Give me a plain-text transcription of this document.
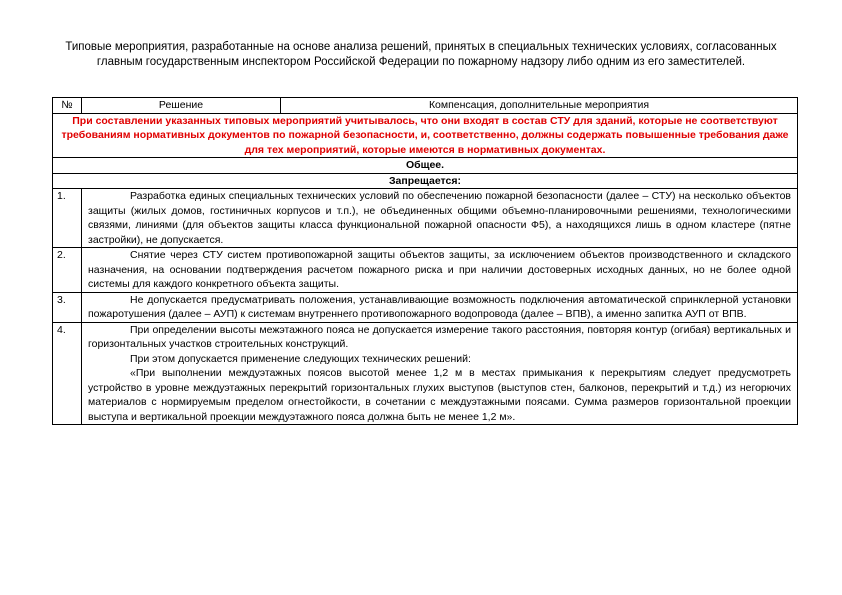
Типовые мероприятия, разработанные на основе анализа решений, принятых в специальных технических условиях, согласованных главным государственным инспектором Российской Федерации по пожарному надзору либо одним из его заместителей.
№	Решение	Компенсация, дополнительные мероприятия
При составлении указанных типовых мероприятий учитывалось, что они входят в состав СТУ для зданий, которые не соответствуют требованиям нормативных документов по пожарной безопасности, и, соответственно, должны содержать повышенные требования даже для тех мероприятий, которые имеются в нормативных документах.		
Общее.		
Запрещается:		
1.	Разработка единых специальных технических условий по обеспечению пожарной безопасности (далее – СТУ) на несколько объектов защиты (жилых домов, гостиничных корпусов и т.п.), не объединенных общими объемно-планировочными решениями, технологическими связями, линиями (для объектов защиты класса функциональной пожарной опасности Ф5), а находящихся лишь в одном кластере (пятне застройки), не допускается.	

2.	Снятие через СТУ систем противопожарной защиты объектов защиты, за исключением объектов производственного и складского назначения, на основании подтверждения расчетом пожарного риска и при наличии достоверных исходных данных, но не более одной системы для каждого конкретного объекта защиты.	

3.	Не допускается предусматривать положения, устанавливающие возможность подключения автоматической спринклерной установки пожаротушения (далее – АУП) к системам внутреннего противопожарного водопровода (далее – ВПВ), а именно запитка АУП от ВПВ.	

4.	При определении высоты межэтажного пояса не допускается измерение такого расстояния, повторяя контур (огибая) вертикальных и горизонтальных участков строительных конструкций.

При этом допускается применение следующих технических решений:

«При выполнении междуэтажных поясов высотой менее 1,2 м в местах примыкания к перекрытиям следует предусмотреть устройство в уровне междуэтажных перекрытий горизонтальных глухих выступов (выступов стен, балконов, перекрытий и т.д.) из негорючих материалов с нормируемым пределом огнестойкости, в сочетании с междуэтажными поясами. Сумма размеров горизонтальной проекции выступа и вертикальной проекции междуэтажного пояса должна быть не менее 1,2 м».	
